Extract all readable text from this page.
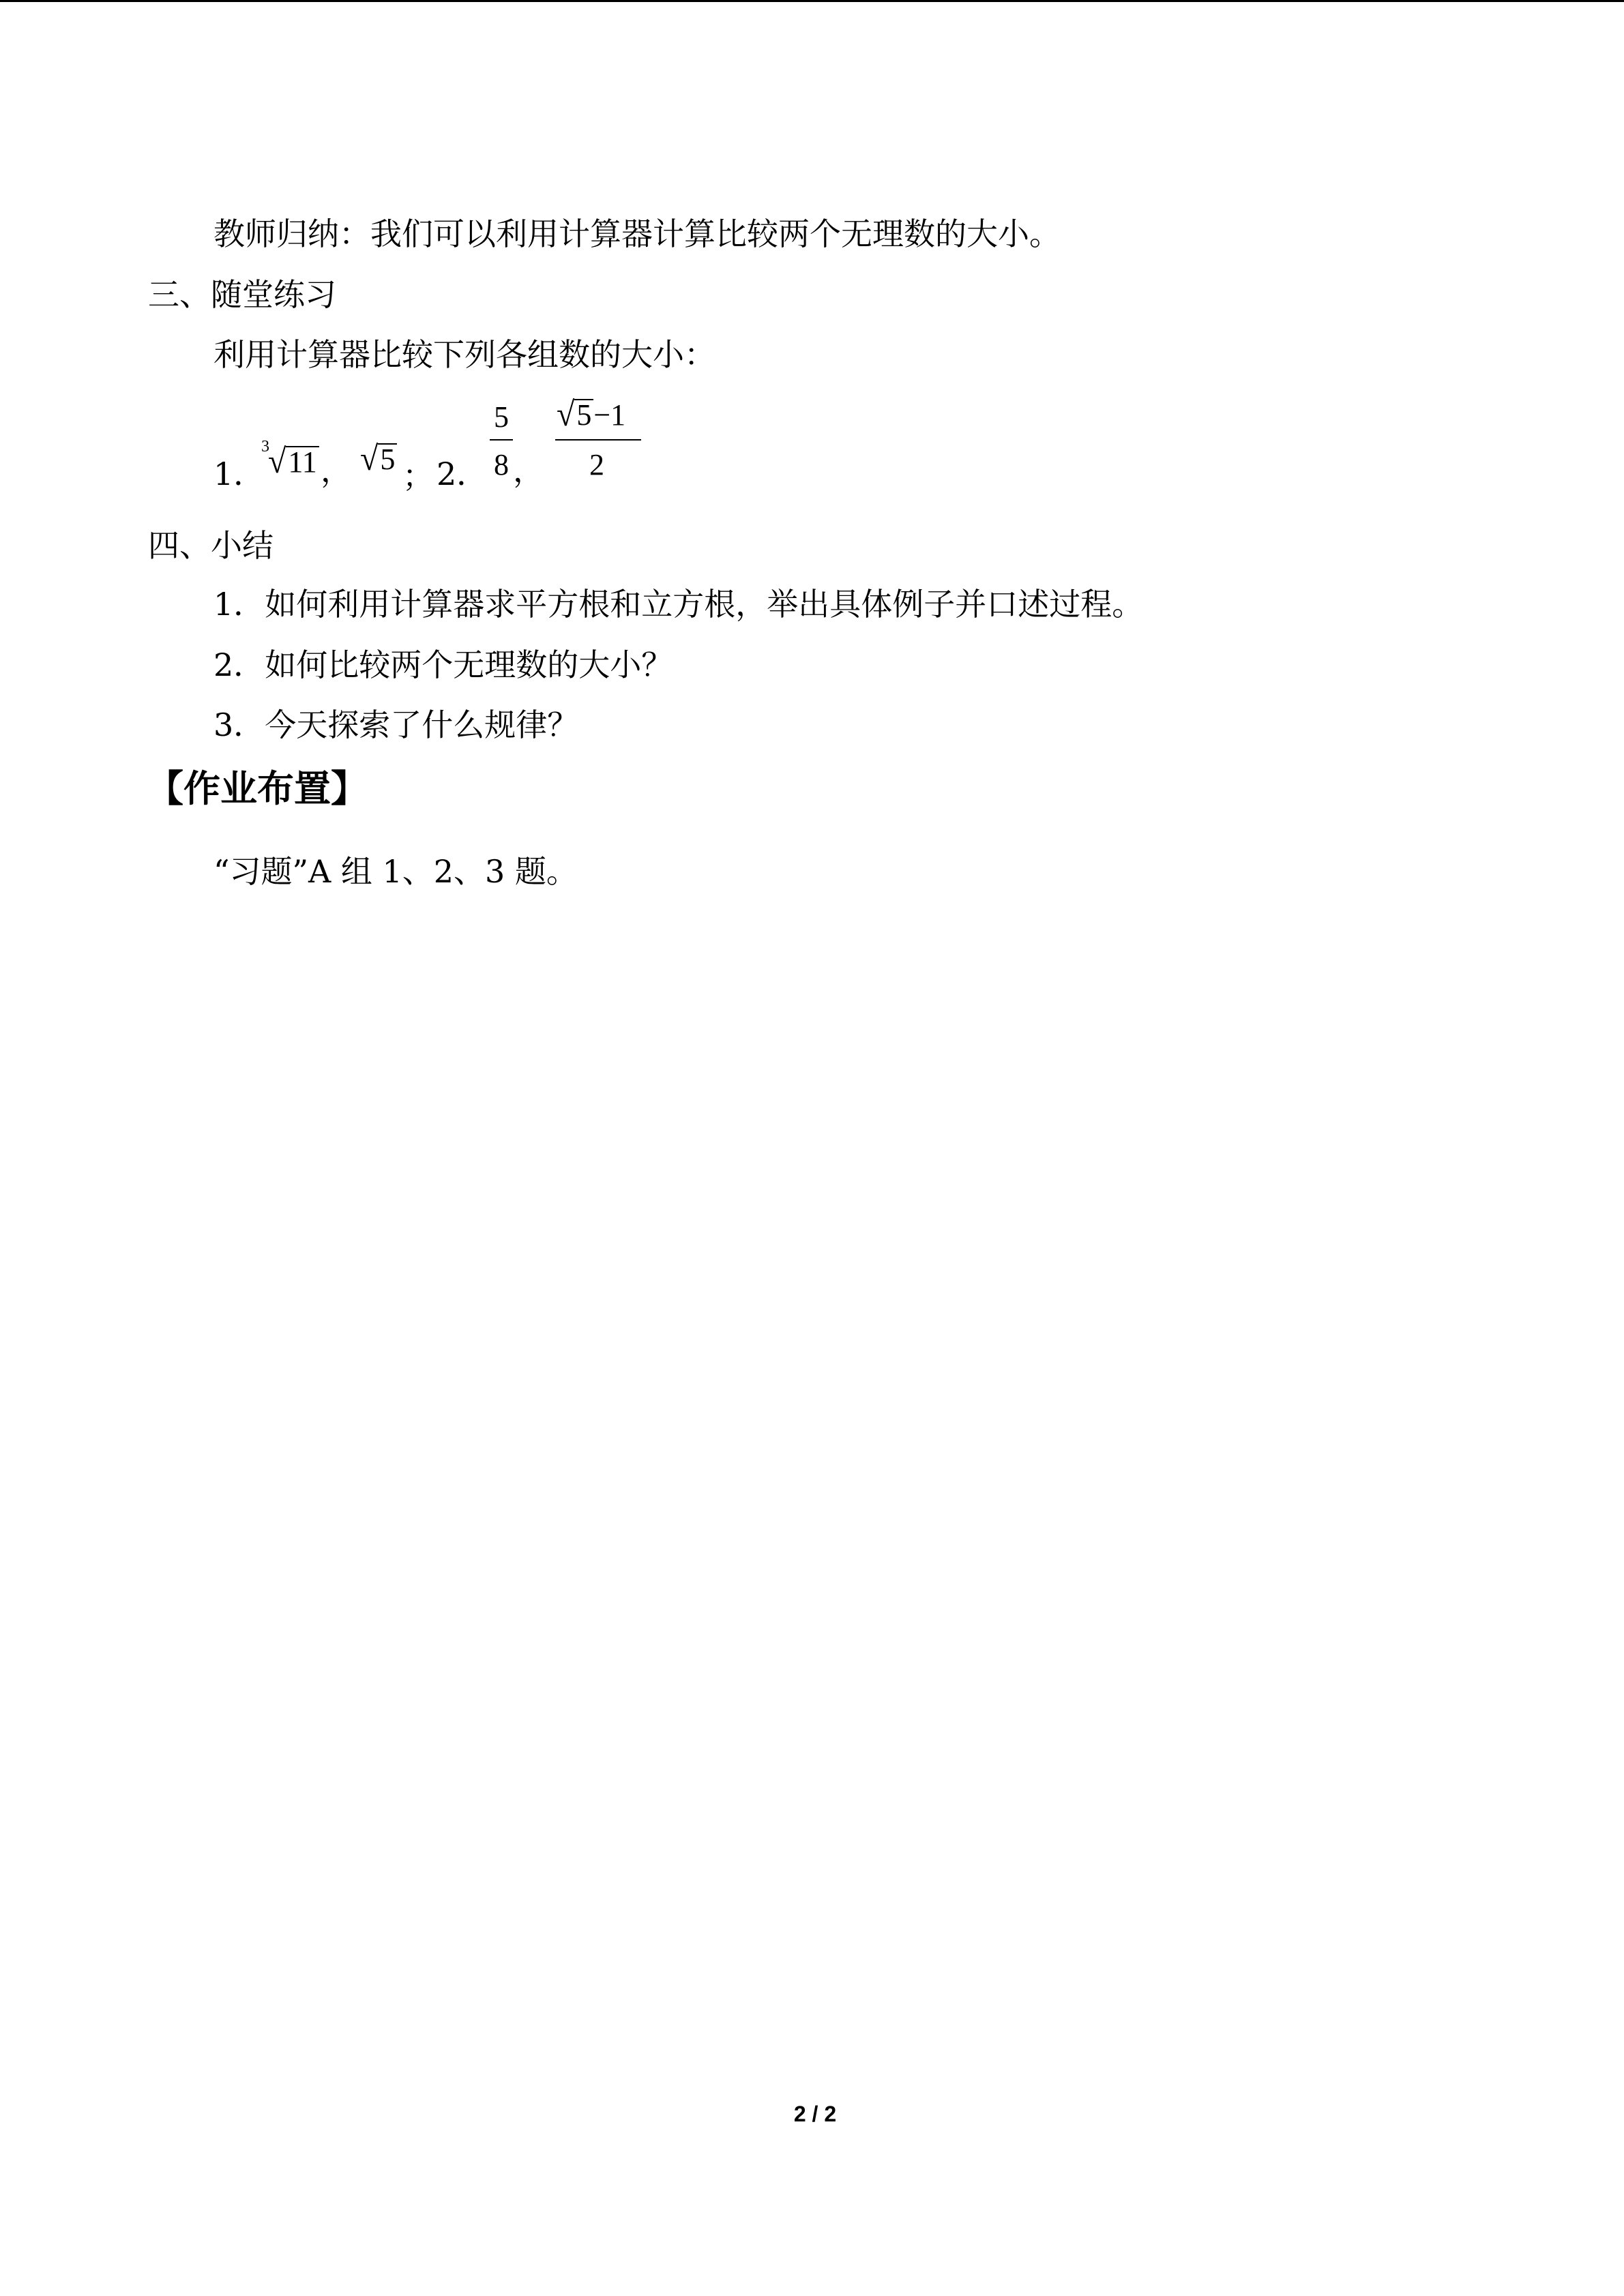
教师归纳：我们可以利用计算器计算比较两个无理数的大小。
三、随堂练习
利用计算器比较下列各组数的大小：
1．
3
√11 ， √5 ； 2．
5
8 ，
√5−1
2
四、小结
1．如何利用计算器求平方根和立方根，举出具体例子并口述过程。
2．如何比较两个无理数的大小？
3．今天探索了什么规律？
【作业布置】
“习题”A 组 1、2、3 题。
2 / 2
